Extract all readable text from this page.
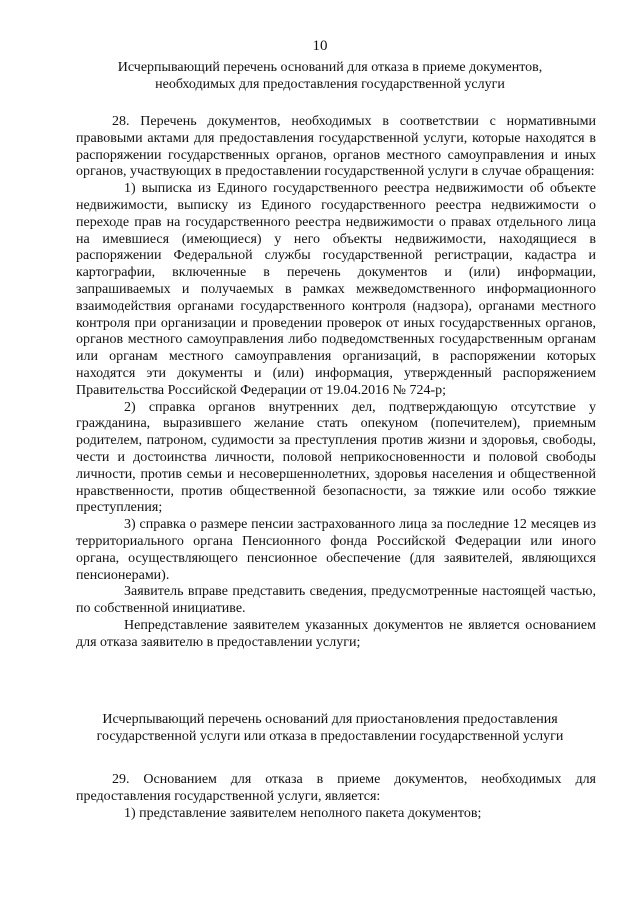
10
Исчерпывающий перечень оснований для отказа в приеме документов,
необходимых для предоставления государственной услуги

28. Перечень документов, необходимых в соответствии с нормативными правовыми актами для предоставления государственной услуги, которые находятся в распоряжении государственных органов, органов местного самоуправления и иных органов, участвующих в предоставлении государственной услуги в случае обращения:

1) выписка из Единого государственного реестра недвижимости об объекте недвижимости, выписку из Единого государственного реестра недвижимости о переходе прав на государственного реестра недвижимости о правах отдельного лица на имевшиеся (имеющиеся) у него объекты недвижимости, находящиеся в распоряжении Федеральной службы государственной регистрации, кадастра и картографии, включенные в перечень документов и (или) информации, запрашиваемых и получаемых в рамках межведомственного информационного взаимодействия органами государственного контроля (надзора), органами местного контроля при организации и проведении проверок от иных государственных органов, органов местного самоуправления либо подведомственных государственным органам или органам местного самоуправления организаций, в распоряжении которых находятся эти документы и (или) информация, утвержденный распоряжением Правительства Российской Федерации от 19.04.2016 № 724-р;

2) справка органов внутренних дел, подтверждающую отсутствие у гражданина, выразившего желание стать опекуном (попечителем), приемным родителем, патроном, судимости за преступления против жизни и здоровья, свободы, чести и достоинства личности, половой неприкосновенности и половой свободы личности, против семьи и несовершеннолетних, здоровья населения и общественной нравственности, против общественной безопасности, за тяжкие или особо тяжкие преступления;

3) справка о размере пенсии застрахованного лица за последние 12 месяцев из территориального органа Пенсионного фонда Российской Федерации или иного органа, осуществляющего пенсионное обеспечение (для заявителей, являющихся пенсионерами).

Заявитель вправе представить сведения, предусмотренные настоящей частью, по собственной инициативе.

Непредставление заявителем указанных документов не является основанием для отказа заявителю в предоставлении услуги;

Исчерпывающий перечень оснований для приостановления предоставления
государственной услуги или отказа в предоставлении государственной услуги

29. Основанием для отказа в приеме документов, необходимых для предоставления государственной услуги, является:

1) представление заявителем неполного пакета документов;
